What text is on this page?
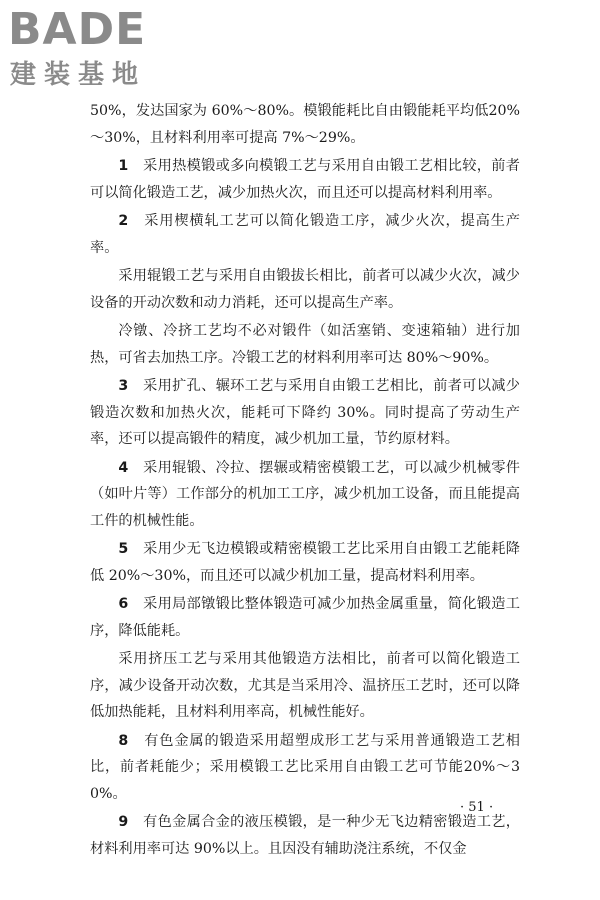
BADE
建装基地

50%，发达国家为 60%～80%。模锻能耗比自由锻能耗平均低20%～30%，且材料利用率可提高 7%～29%。

1　 采用热模锻或多向模锻工艺与采用自由锻工艺相比较，前者可以简化锻造工艺，减少加热火次，而且还可以提高材料利用率。

2　 采用楔横轧工艺可以简化锻造工序，减少火次，提高生产率。

采用辊锻工艺与采用自由锻拔长相比，前者可以减少火次，减少设备的开动次数和动力消耗，还可以提高生产率。

冷镦、冷挤工艺均不必对锻件（如活塞销、变速箱轴）进行加热，可省去加热工序。冷锻工艺的材料利用率可达 80%～90%。

3　 采用扩孔、辗环工艺与采用自由锻工艺相比，前者可以减少锻造次数和加热火次，能耗可下降约 30%。同时提高了劳动生产率，还可以提高锻件的精度，减少机加工量，节约原材料。

4　 采用辊锻、冷拉、摆辗或精密模锻工艺，可以减少机械零件（如叶片等）工作部分的机加工工序，减少机加工设备，而且能提高工件的机械性能。

5　 采用少无飞边模锻或精密模锻工艺比采用自由锻工艺能耗降低 20%～30%，而且还可以减少机加工量，提高材料利用率。

6　 采用局部镦锻比整体锻造可减少加热金属重量，简化锻造工序，降低能耗。

采用挤压工艺与采用其他锻造方法相比，前者可以简化锻造工序，减少设备开动次数，尤其是当采用冷、温挤压工艺时，还可以降低加热能耗，且材料利用率高，机械性能好。

8　 有色金属的锻造采用超塑成形工艺与采用普通锻造工艺相比，前者耗能少；采用模锻工艺比采用自由锻工艺可节能20%～30%。

9　 有色金属合金的液压模锻，是一种少无飞边精密锻造工艺，材料利用率可达 90%以上。且因没有辅助浇注系统，不仅金

· 51 ·
